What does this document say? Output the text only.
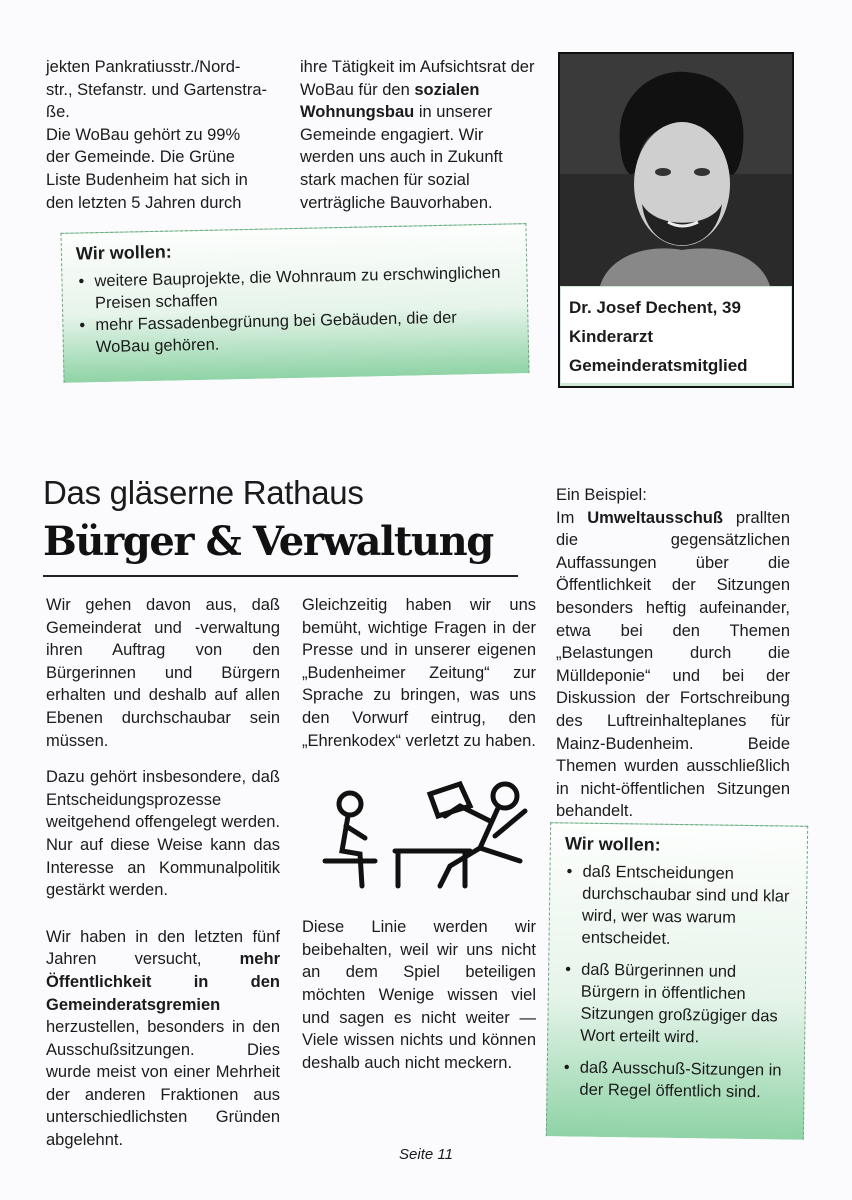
jekten Pankratiusstr./Nord-
str., Stefanstr. und Gartenstra-
ße.
Die WoBau gehört zu 99%
der Gemeinde. Die Grüne
Liste Budenheim hat sich in
den letzten 5 Jahren durch

ihre Tätigkeit im Aufsichtsrat der WoBau für den sozialen Wohnungsbau in unserer Gemeinde engagiert. Wir werden uns auch in Zukunft stark machen für sozial verträgliche Bauvorhaben.

Wir wollen:
• weitere Bauprojekte, die Wohnraum zu erschwinglichen Preisen schaffen
• mehr Fassadenbegrünung bei Gebäuden, die der WoBau gehören.
Dr. Josef Dechent, 39
Kinderarzt
Gemeinderatsmitglied
Das gläserne Rathaus
Bürger & Verwaltung

Wir gehen davon aus, daß Gemeinderat und -verwaltung ihren Auftrag von den Bürgerinnen und Bürgern erhalten und deshalb auf allen Ebenen durchschaubar sein müssen.

Dazu gehört insbesondere, daß Entscheidungsprozesse weitgehend offengelegt werden. Nur auf diese Weise kann das Interesse an Kommunalpolitik gestärkt werden.

Wir haben in den letzten fünf Jahren versucht, mehr Öffentlichkeit in den Gemeinderatsgremien herzustellen, besonders in den Ausschußsitzungen. Dies wurde meist von einer Mehrheit der anderen Fraktionen aus unterschiedlichsten Gründen abgelehnt.

Gleichzeitig haben wir uns bemüht, wichtige Fragen in der Presse und in unserer eigenen „Budenheimer Zeitung“ zur Sprache zu bringen, was uns den Vorwurf eintrug, den „Ehrenkodex“ verletzt zu haben.

Diese Linie werden wir beibehalten, weil wir uns nicht an dem Spiel beteiligen möchten Wenige wissen viel und sagen es nicht weiter — Viele wissen nichts und können deshalb auch nicht meckern.

Ein Beispiel:

Im Umweltausschuß prallten die gegensätzlichen Auffassungen über die Öffentlichkeit der Sitzungen besonders heftig aufeinander, etwa bei den Themen „Belastungen durch die Mülldeponie“ und bei der Diskussion der Fortschreibung des Luftreinhalteplanes für Mainz-Budenheim. Beide Themen wurden ausschließlich in nicht-öffentlichen Sitzungen behandelt.

Wir wollen:
• daß Entscheidungen durchschaubar sind und klar wird, wer was warum entscheidet.
• daß Bürgerinnen und Bürgern in öffentlichen Sitzungen großzügiger das Wort erteilt wird.
• daß Ausschuß-Sitzungen in der Regel öffentlich sind.
Seite 11
